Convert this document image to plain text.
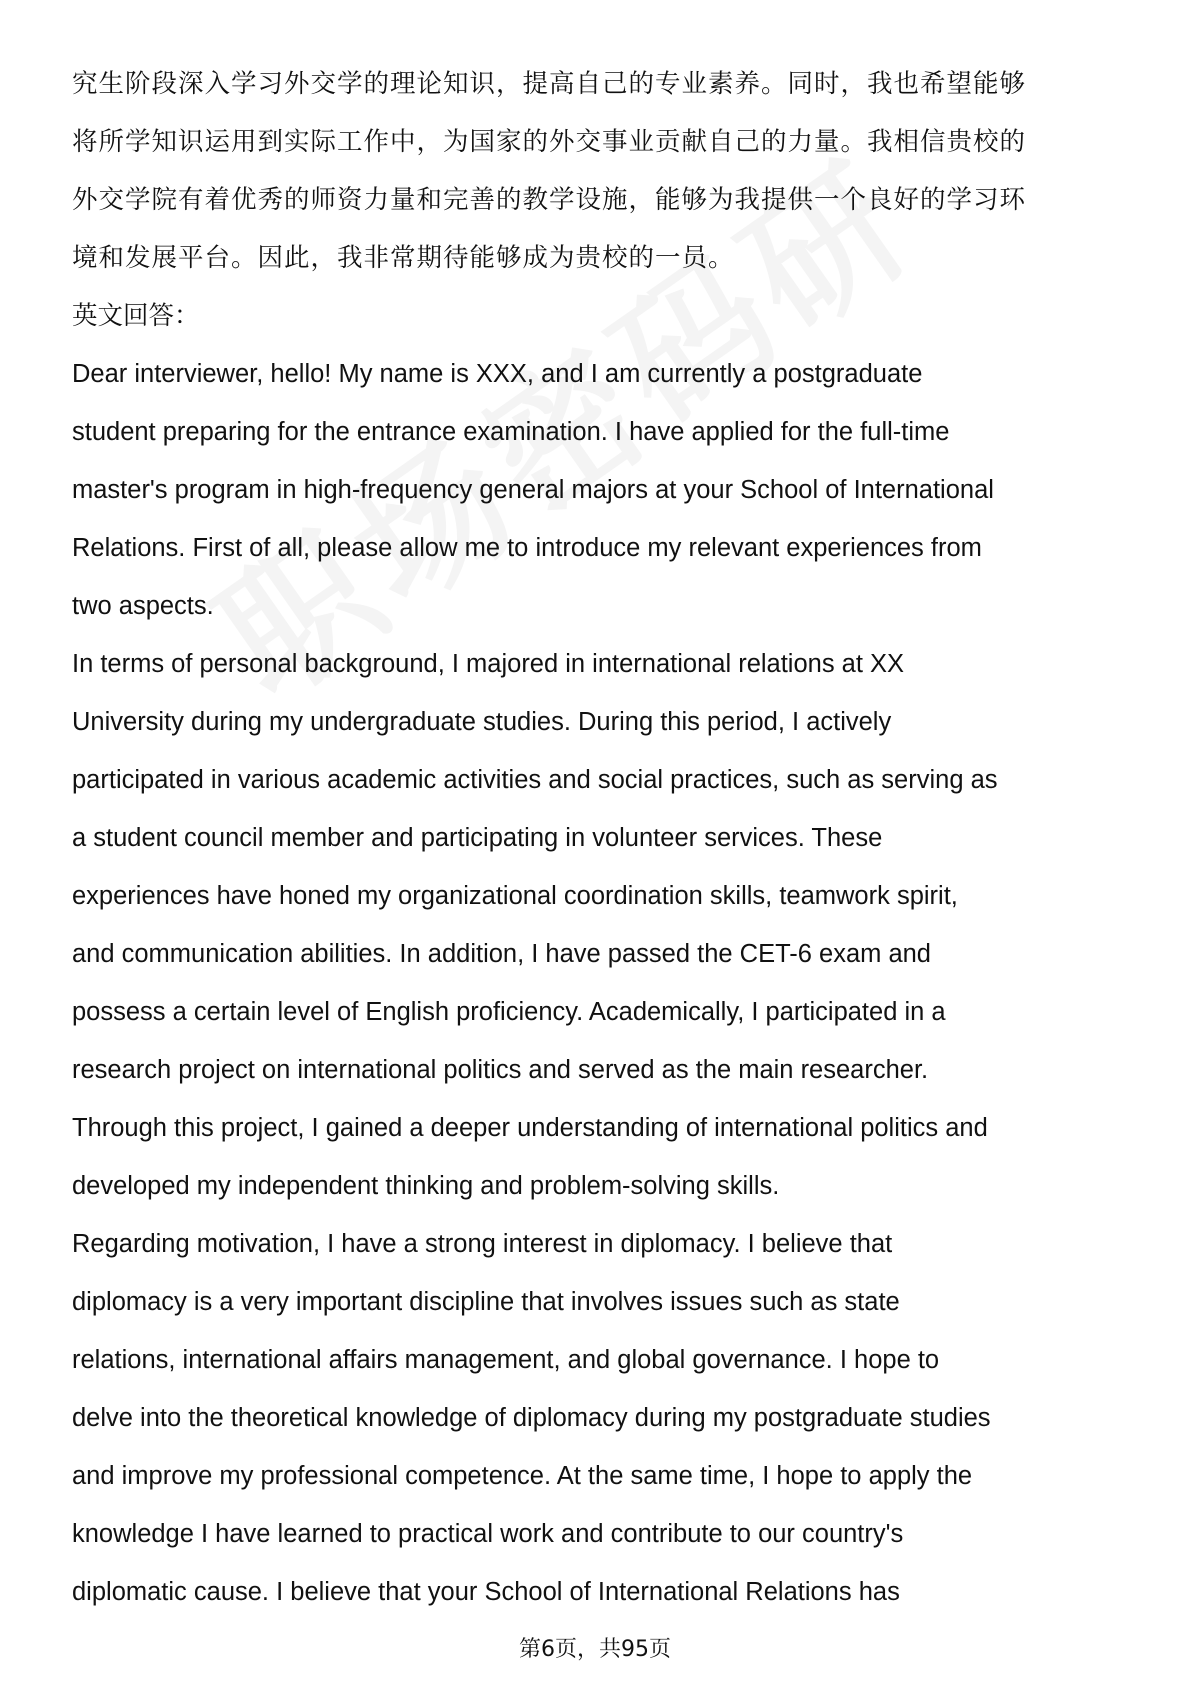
究生阶段深入学习外交学的理论知识，提高自己的专业素养。同时，我也希望能够
将所学知识运用到实际工作中，为国家的外交事业贡献自己的力量。我相信贵校的
外交学院有着优秀的师资力量和完善的教学设施，能够为我提供一个良好的学习环
境和发展平台。因此，我非常期待能够成为贵校的一员。
英文回答：
Dear interviewer, hello! My name is XXX, and I am currently a postgraduate
student preparing for the entrance examination. I have applied for the full-time
master's program in high-frequency general majors at your School of International
Relations. First of all, please allow me to introduce my relevant experiences from
two aspects.
In terms of personal background, I majored in international relations at XX
University during my undergraduate studies. During this period, I actively
participated in various academic activities and social practices, such as serving as
a student council member and participating in volunteer services. These
experiences have honed my organizational coordination skills, teamwork spirit,
and communication abilities. In addition, I have passed the CET-6 exam and
possess a certain level of English proficiency. Academically, I participated in a
research project on international politics and served as the main researcher.
Through this project, I gained a deeper understanding of international politics and
developed my independent thinking and problem-solving skills.
Regarding motivation, I have a strong interest in diplomacy. I believe that
diplomacy is a very important discipline that involves issues such as state
relations, international affairs management, and global governance. I hope to
delve into the theoretical knowledge of diplomacy during my postgraduate studies
and improve my professional competence. At the same time, I hope to apply the
knowledge I have learned to practical work and contribute to our country's
diplomatic cause. I believe that your School of International Relations has
第6页，共95页
